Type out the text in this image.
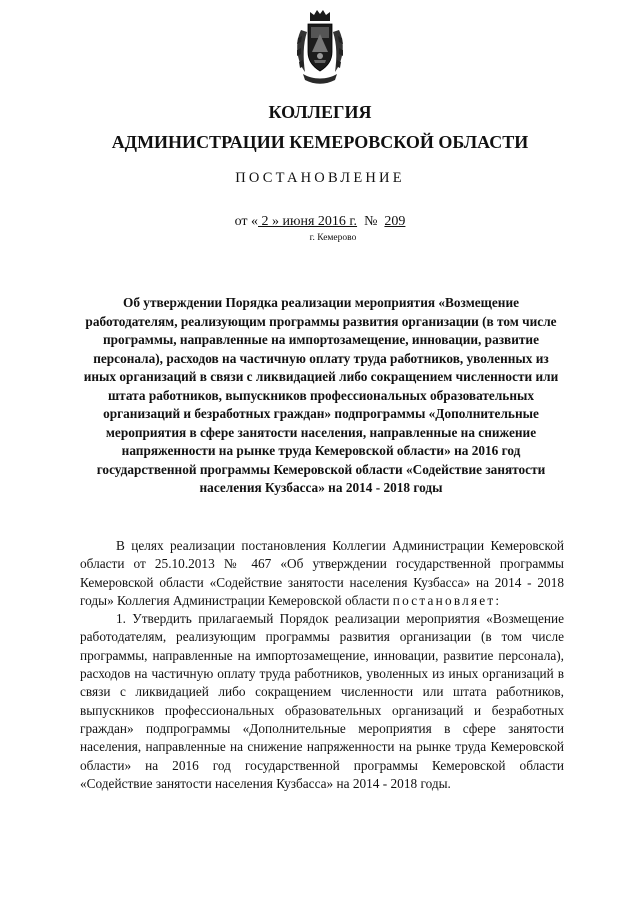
КОЛЛЕГИЯ
АДМИНИСТРАЦИИ КЕМЕРОВСКОЙ ОБЛАСТИ
ПОСТАНОВЛЕНИЕ
от « 2 » июня 2016 г.  №  209
г. Кемерово
Об утверждении Порядка реализации мероприятия «Возмещение работодателям, реализующим программы развития организации (в том числе программы, направленные на импортозамещение, инновации, развитие персонала), расходов на частичную оплату труда работников, уволенных из иных организаций в связи с ликвидацией либо сокращением численности или штата работников, выпускников профессиональных образовательных организаций и безработных граждан» подпрограммы «Дополнительные мероприятия в сфере занятости населения, направленные на снижение напряженности на рынке труда Кемеровской области» на 2016 год государственной программы Кемеровской области «Содействие занятости населения Кузбасса» на 2014 - 2018 годы

В целях реализации постановления Коллегии Администрации Кемеровской области от 25.10.2013 № 467 «Об утверждении государственной программы Кемеровской области «Содействие занятости населения Кузбасса» на 2014 - 2018 годы» Коллегия Администрации Кемеровской области постановляет:

1. Утвердить прилагаемый Порядок реализации мероприятия «Возмещение работодателям, реализующим программы развития организации (в том числе программы, направленные на импортозамещение, инновации, развитие персонала), расходов на частичную оплату труда работников, уволенных из иных организаций в связи с ликвидацией либо сокращением численности или штата работников, выпускников профессиональных образовательных организаций и безработных граждан» подпрограммы «Дополнительные мероприятия в сфере занятости населения, направленные на снижение напряженности на рынке труда Кемеровской области» на 2016 год государственной программы Кемеровской области «Содействие занятости населения Кузбасса» на 2014 - 2018 годы.
